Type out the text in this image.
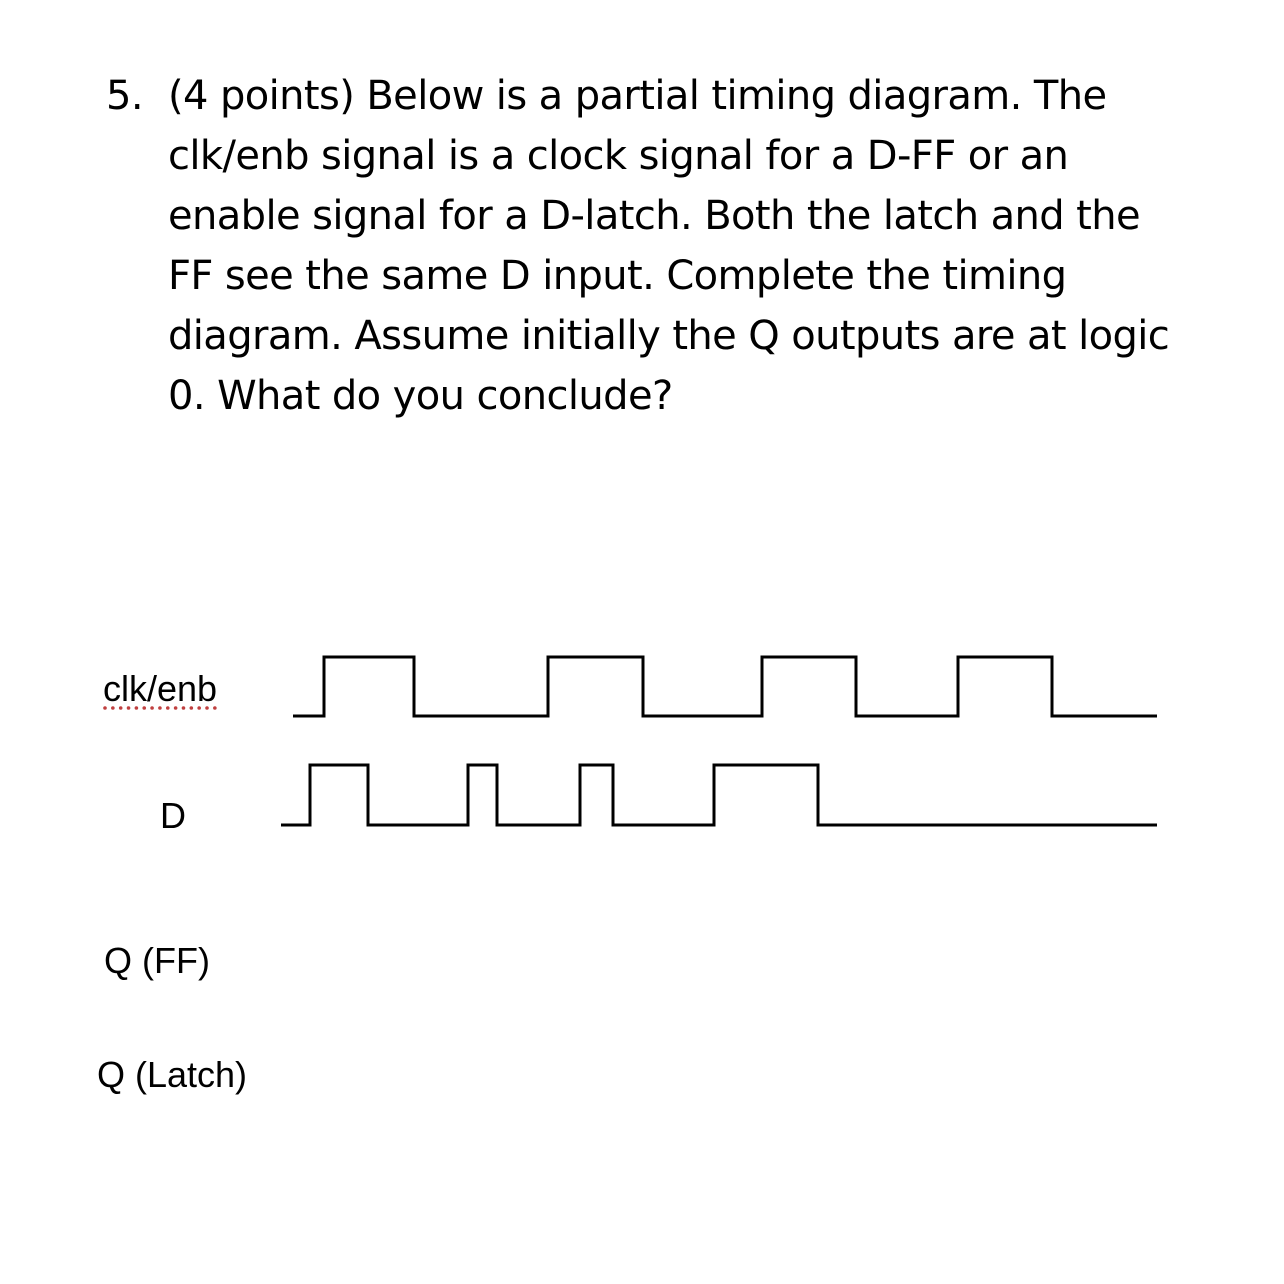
5. (4 points) Below is a partial timing diagram. The
clk/enb signal is a clock signal for a D-FF or an
enable signal for a D-latch. Both the latch and the
FF see the same D input. Complete the timing
diagram. Assume initially the Q outputs are at logic
0. What do you conclude?
clk/enb
D
Q (FF)
Q (Latch)
